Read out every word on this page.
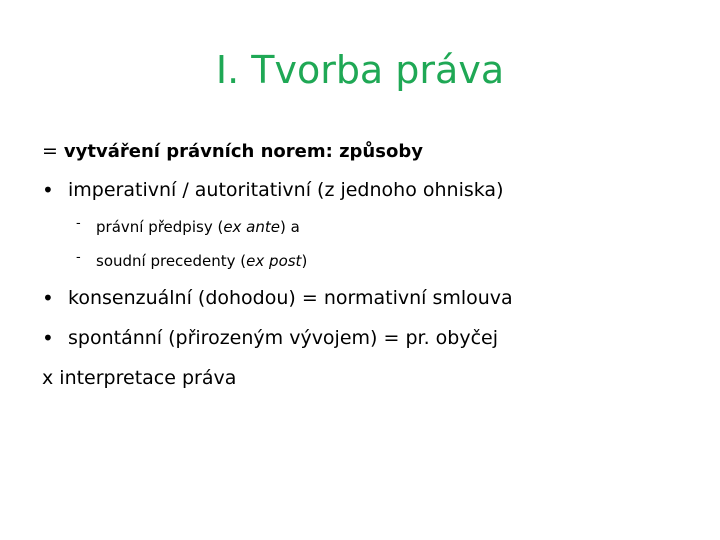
I. Tvorba práva
= vytváření právních norem: způsoby
• imperativní / autoritativní (z jednoho ohniska)
- právní předpisy (ex ante) a
- soudní precedenty (ex post)
• konsenzuální (dohodou) = normativní smlouva
• spontánní (přirozeným vývojem) = pr. obyčej
x interpretace práva
